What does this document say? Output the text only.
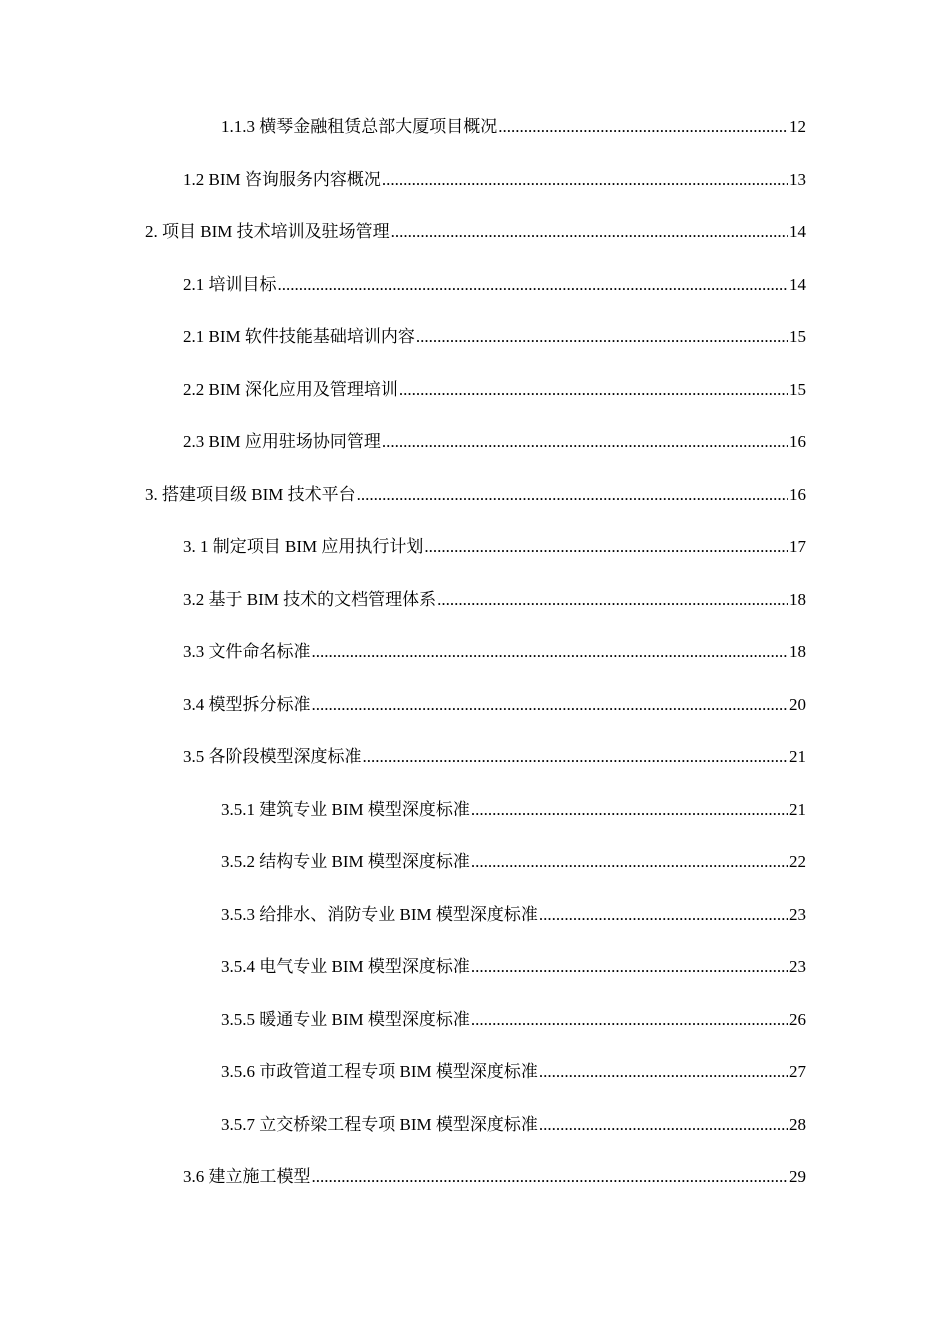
1.1.3 横琴金融租赁总部大厦项目概况 .....	12
1.2 BIM 咨询服务内容概况 .....	13
2. 项目 BIM 技术培训及驻场管理 .....	14
2.1 培训目标 .....	14
2.1 BIM 软件技能基础培训内容 .....	15
2.2 BIM 深化应用及管理培训 .....	15
2.3 BIM 应用驻场协同管理 .....	16
3. 搭建项目级 BIM 技术平台 .....	16
3. 1 制定项目 BIM 应用执行计划 .....	17
3.2 基于 BIM 技术的文档管理体系 .....	18
3.3 文件命名标准 .....	18
3.4 模型拆分标准 .....	20
3.5 各阶段模型深度标准 .....	21
3.5.1 建筑专业 BIM 模型深度标准 .....	21
3.5.2 结构专业 BIM 模型深度标准 .....	22
3.5.3 给排水、消防专业 BIM 模型深度标准 .....	23
3.5.4 电气专业 BIM 模型深度标准 .....	23
3.5.5 暖通专业 BIM 模型深度标准 .....	26
3.5.6 市政管道工程专项 BIM 模型深度标准 .....	27
3.5.7 立交桥梁工程专项 BIM 模型深度标准 .....	28
3.6 建立施工模型 .....	29
